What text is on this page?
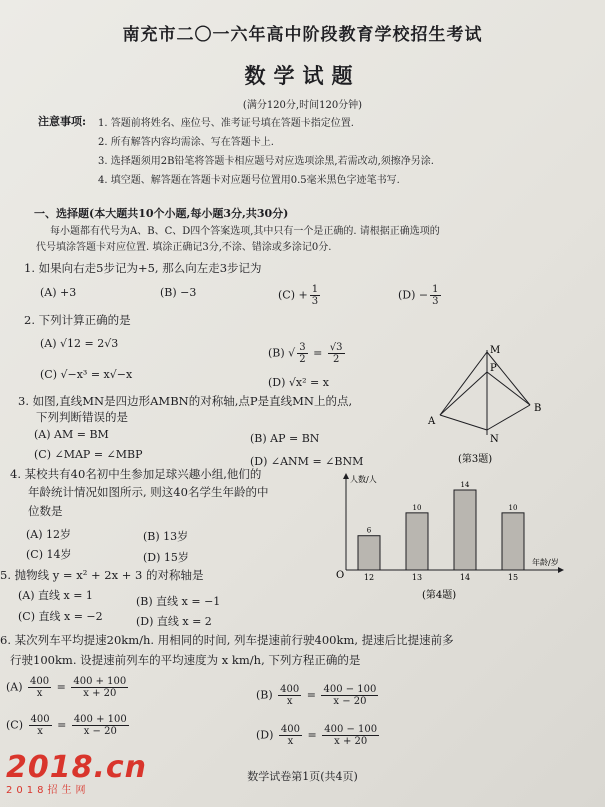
南充市二〇一六年高中阶段教育学校招生考试
数学试题
(满分120分,时间120分钟)
注意事项: 1. 答题前将姓名、座位号、准考证号填在答题卡指定位置.
2. 所有解答内容均需涂、写在答题卡上.
3. 选择题须用2B铅笔将答题卡相应题号对应选项涂黑,若需改动,须擦净另涂.
4. 填空题、解答题在答题卡对应题号位置用0.5毫米黑色字迹笔书写.
一、选择题(本大题共10个小题,每小题3分,共30分)
每小题都有代号为A、B、C、D四个答案选项,其中只有一个是正确的. 请根据正确选项的
代号填涂答题卡对应位置. 填涂正确记3分,不涂、错涂或多涂记0分.
1. 如果向右走5步记为+5, 那么向左走3步记为
(A) +3	(B) −3	$(C) + \frac{1}{3}$	$(D) - \frac{1}{3}$
2. 下列计算正确的是
(A) √12 = 2√3
(B) √ $\frac{3}{2} = \frac{√3}{2}$
(C) √−x³ = x√−x
(D) √x² = x
3. 如图,直线MN是四边形AMBN的对称轴,点P是直线MN上的点,
下列判断错误的是
(A) AM = BM	(B) AP = BN
(C) ∠MAP = ∠MBP
(D) ∠ANM = ∠BNM
M
P
A
B
N
(第3题)
4. 某校共有40名初中生参加足球兴趣小组,他们的
年龄统计情况如图所示, 则这40名学生年龄的中
位数是
(A) 12岁	(B) 13岁
(C) 14岁	(D) 15岁
人数/人
年龄/岁
O
6
12
10
13
14
14
10
15
(第4题)
5. 抛物线 y = x² + 2x + 3 的对称轴是
(A) 直线 x = 1	(B) 直线 x = −1
(C) 直线 x = −2	(D) 直线 x = 2
6. 某次列车平均提速20km/h. 用相同的时间, 列车提速前行驶400km, 提速后比提速前多
行驶100km. 设提速前列车的平均速度为 x km/h, 下列方程正确的是
$(A) \frac{400}{x} = \frac{400 + 100}{x + 20}$	$(B) \frac{400}{x} = \frac{400 - 100}{x - 20}$
$(C) \frac{400}{x} = \frac{400 + 100}{x - 20}$	$(D) \frac{400}{x} = \frac{400 - 100}{x + 20}$
数学试卷第1页(共4页)
2018.cn
2018招生网
